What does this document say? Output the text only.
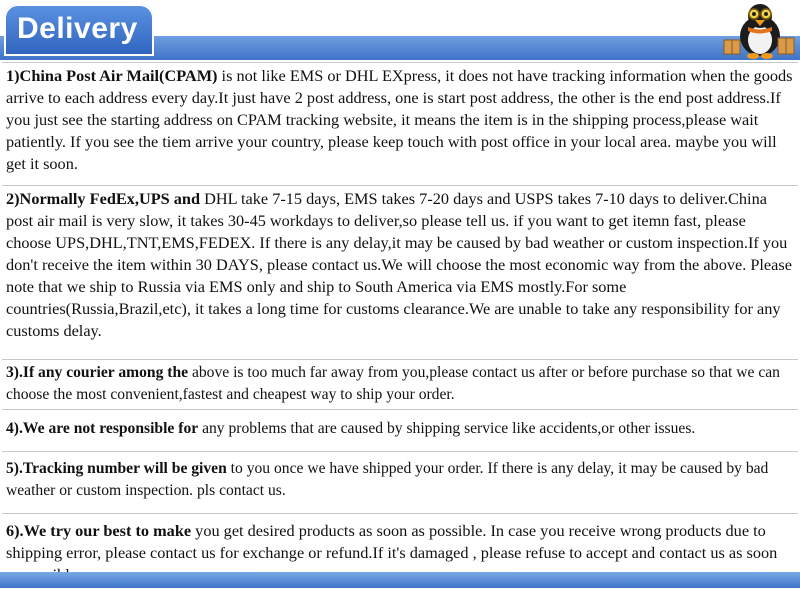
Delivery
1)China Post Air Mail(CPAM) is not like EMS or DHL EXpress, it does not have tracking information when the goods arrive to each address every day.It just have 2 post address, one is start post address, the other is the end post address.If you just see the starting address on CPAM tracking website, it means the item is in the shipping process,please wait patiently. If you see the tiem arrive your country, please keep touch with post office in your local area. maybe you will get it soon.
2)Normally FedEx,UPS and DHL take 7-15 days, EMS takes 7-20 days and USPS takes 7-10 days to deliver.China post air mail is very slow, it takes 30-45 workdays to deliver,so please tell us. if you want to get itemn fast, please choose UPS,DHL,TNT,EMS,FEDEX. If there is any delay,it may be caused by bad weather or custom inspection.If you don't receive the item within 30 DAYS, please contact us.We will choose the most economic way from the above. Please note that we ship to Russia via EMS only and ship to South America via EMS mostly.For some countries(Russia,Brazil,etc), it takes a long time for customs clearance.We are unable to take any responsibility for any customs delay.
3).If any courier among the above is too much far away from you,please contact us after or before purchase so that we can choose the most convenient,fastest and cheapest way to ship your order.
4).We are not responsible for any problems that are caused by shipping service like accidents,or other issues.
5).Tracking number will be given to you once we have shipped your order. If there is any delay, it may be caused by bad weather or custom inspection. pls contact us.
6).We try our best to make you get desired products as soon as possible. In case you receive wrong products due to shipping error, please contact us for exchange or refund.If it's damaged , please refuse to accept and contact us as soon
